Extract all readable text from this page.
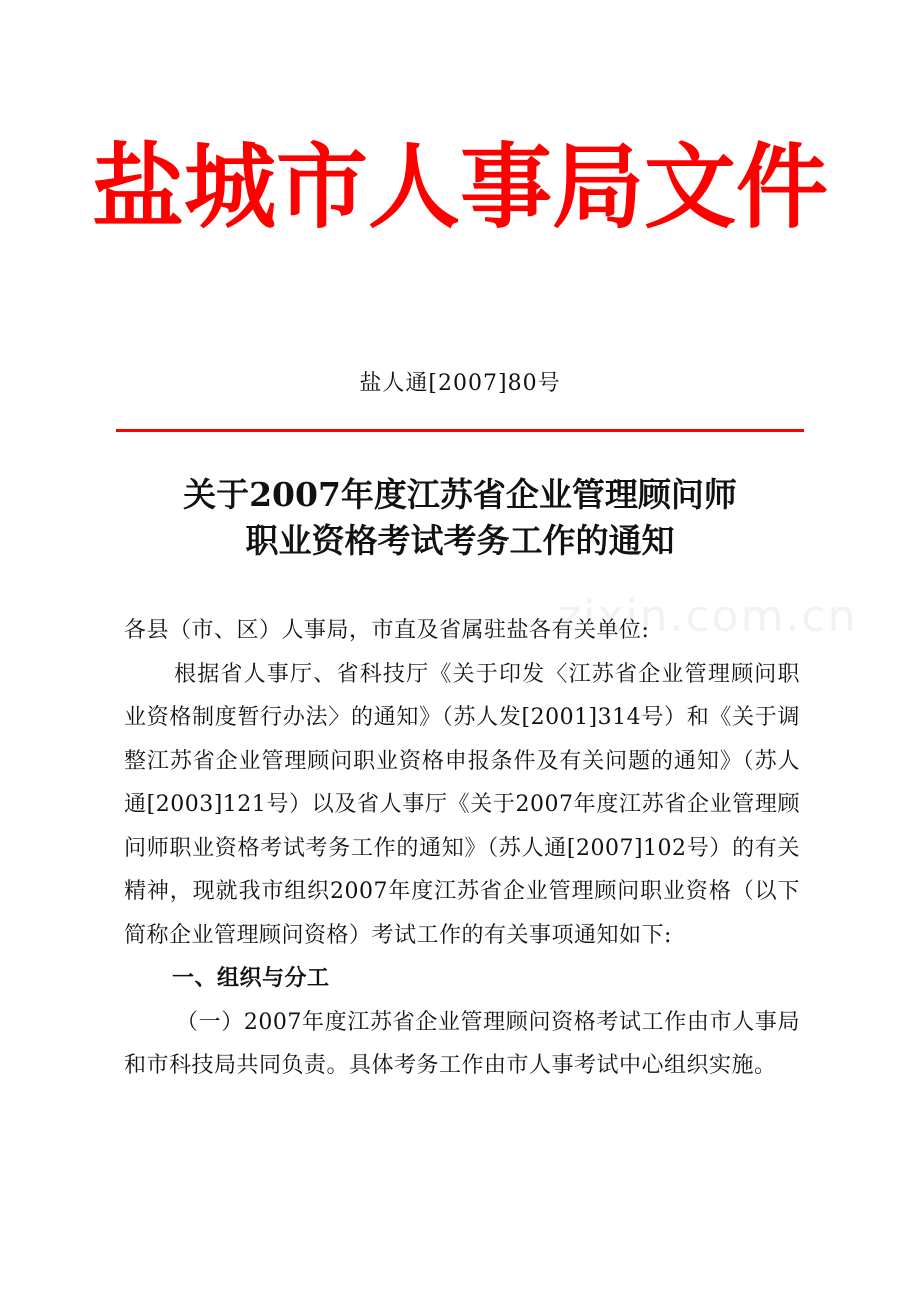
盐城市人事局文件
盐人通[2007]80号
关于2007年度江苏省企业管理顾问师
职业资格考试考务工作的通知
zixin.com.cn

各县（市、区）人事局，市直及省属驻盐各有关单位:

根据省人事厅、省科技厅《关于印发〈江苏省企业管理顾问职业资格制度暂行办法〉的通知》（苏人发[2001]314号）和《关于调整江苏省企业管理顾问职业资格申报条件及有关问题的通知》（苏人通[2003]121号）以及省人事厅《关于2007年度江苏省企业管理顾问师职业资格考试考务工作的通知》（苏人通[2007]102号）的有关精神，现就我市组织2007年度江苏省企业管理顾问职业资格（以下简称企业管理顾问资格）考试工作的有关事项通知如下:

一、组织与分工

（一）2007年度江苏省企业管理顾问资格考试工作由市人事局和市科技局共同负责。具体考务工作由市人事考试中心组织实施。
